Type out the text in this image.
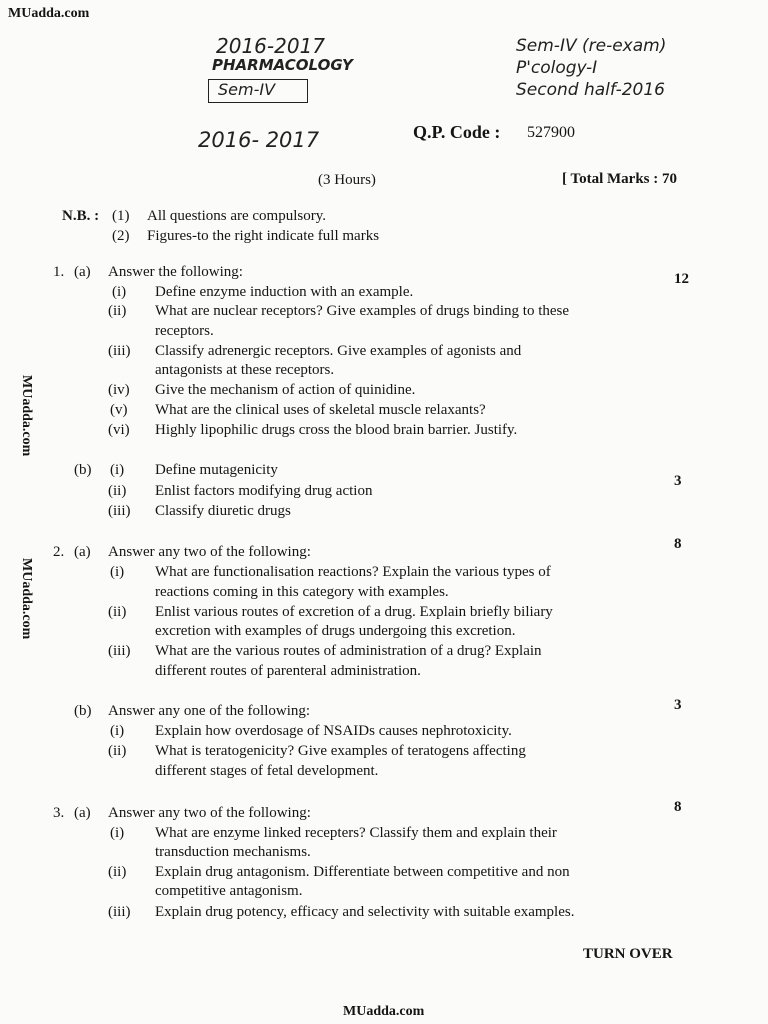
MUadda.com
MUadda.com
MUadda.com
MUadda.com
2016-2017
PHARMACOLOGY
Sem-IV
Sem-IV (re-exam)
P'cology-I
Second half-2016
2016- 2017	Q.P. Code : 527900
(3 Hours)	[ Total Marks : 70
N.B. : (1) All questions are compulsory.
(2) Figures-to the right indicate full marks
1. (a) Answer the following:	12
(i) Define enzyme induction with an example.
(ii) What are nuclear receptors? Give examples of drugs binding to these
receptors.
(iii) Classify adrenergic receptors. Give examples of agonists and
antagonists at these receptors.
(iv) Give the mechanism of action of quinidine.
(v) What are the clinical uses of skeletal muscle relaxants?
(vi) Highly lipophilic drugs cross the blood brain barrier. Justify.
(b)
3
(i) Define mutagenicity
(ii) Enlist factors modifying drug action
(iii) Classify diuretic drugs
2. (a) Answer any two of the following:	8
(i) What are functionalisation reactions? Explain the various types of
reactions coming in this category with examples.
(ii) Enlist various routes of excretion of a drug. Explain briefly biliary
excretion with examples of drugs undergoing this excretion.
(iii) What are the various routes of administration of a drug? Explain
different routes of parenteral administration.
(b) Answer any one of the following:	3
(i) Explain how overdosage of NSAIDs causes nephrotoxicity.
(ii) What is teratogenicity? Give examples of teratogens affecting
different stages of fetal development.
3. (a) Answer any two of the following:	8
(i) What are enzyme linked recepters? Classify them and explain their
transduction mechanisms.
(ii) Explain drug antagonism. Differentiate between competitive and non
competitive antagonism.
(iii) Explain drug potency, efficacy and selectivity with suitable examples.
TURN OVER
